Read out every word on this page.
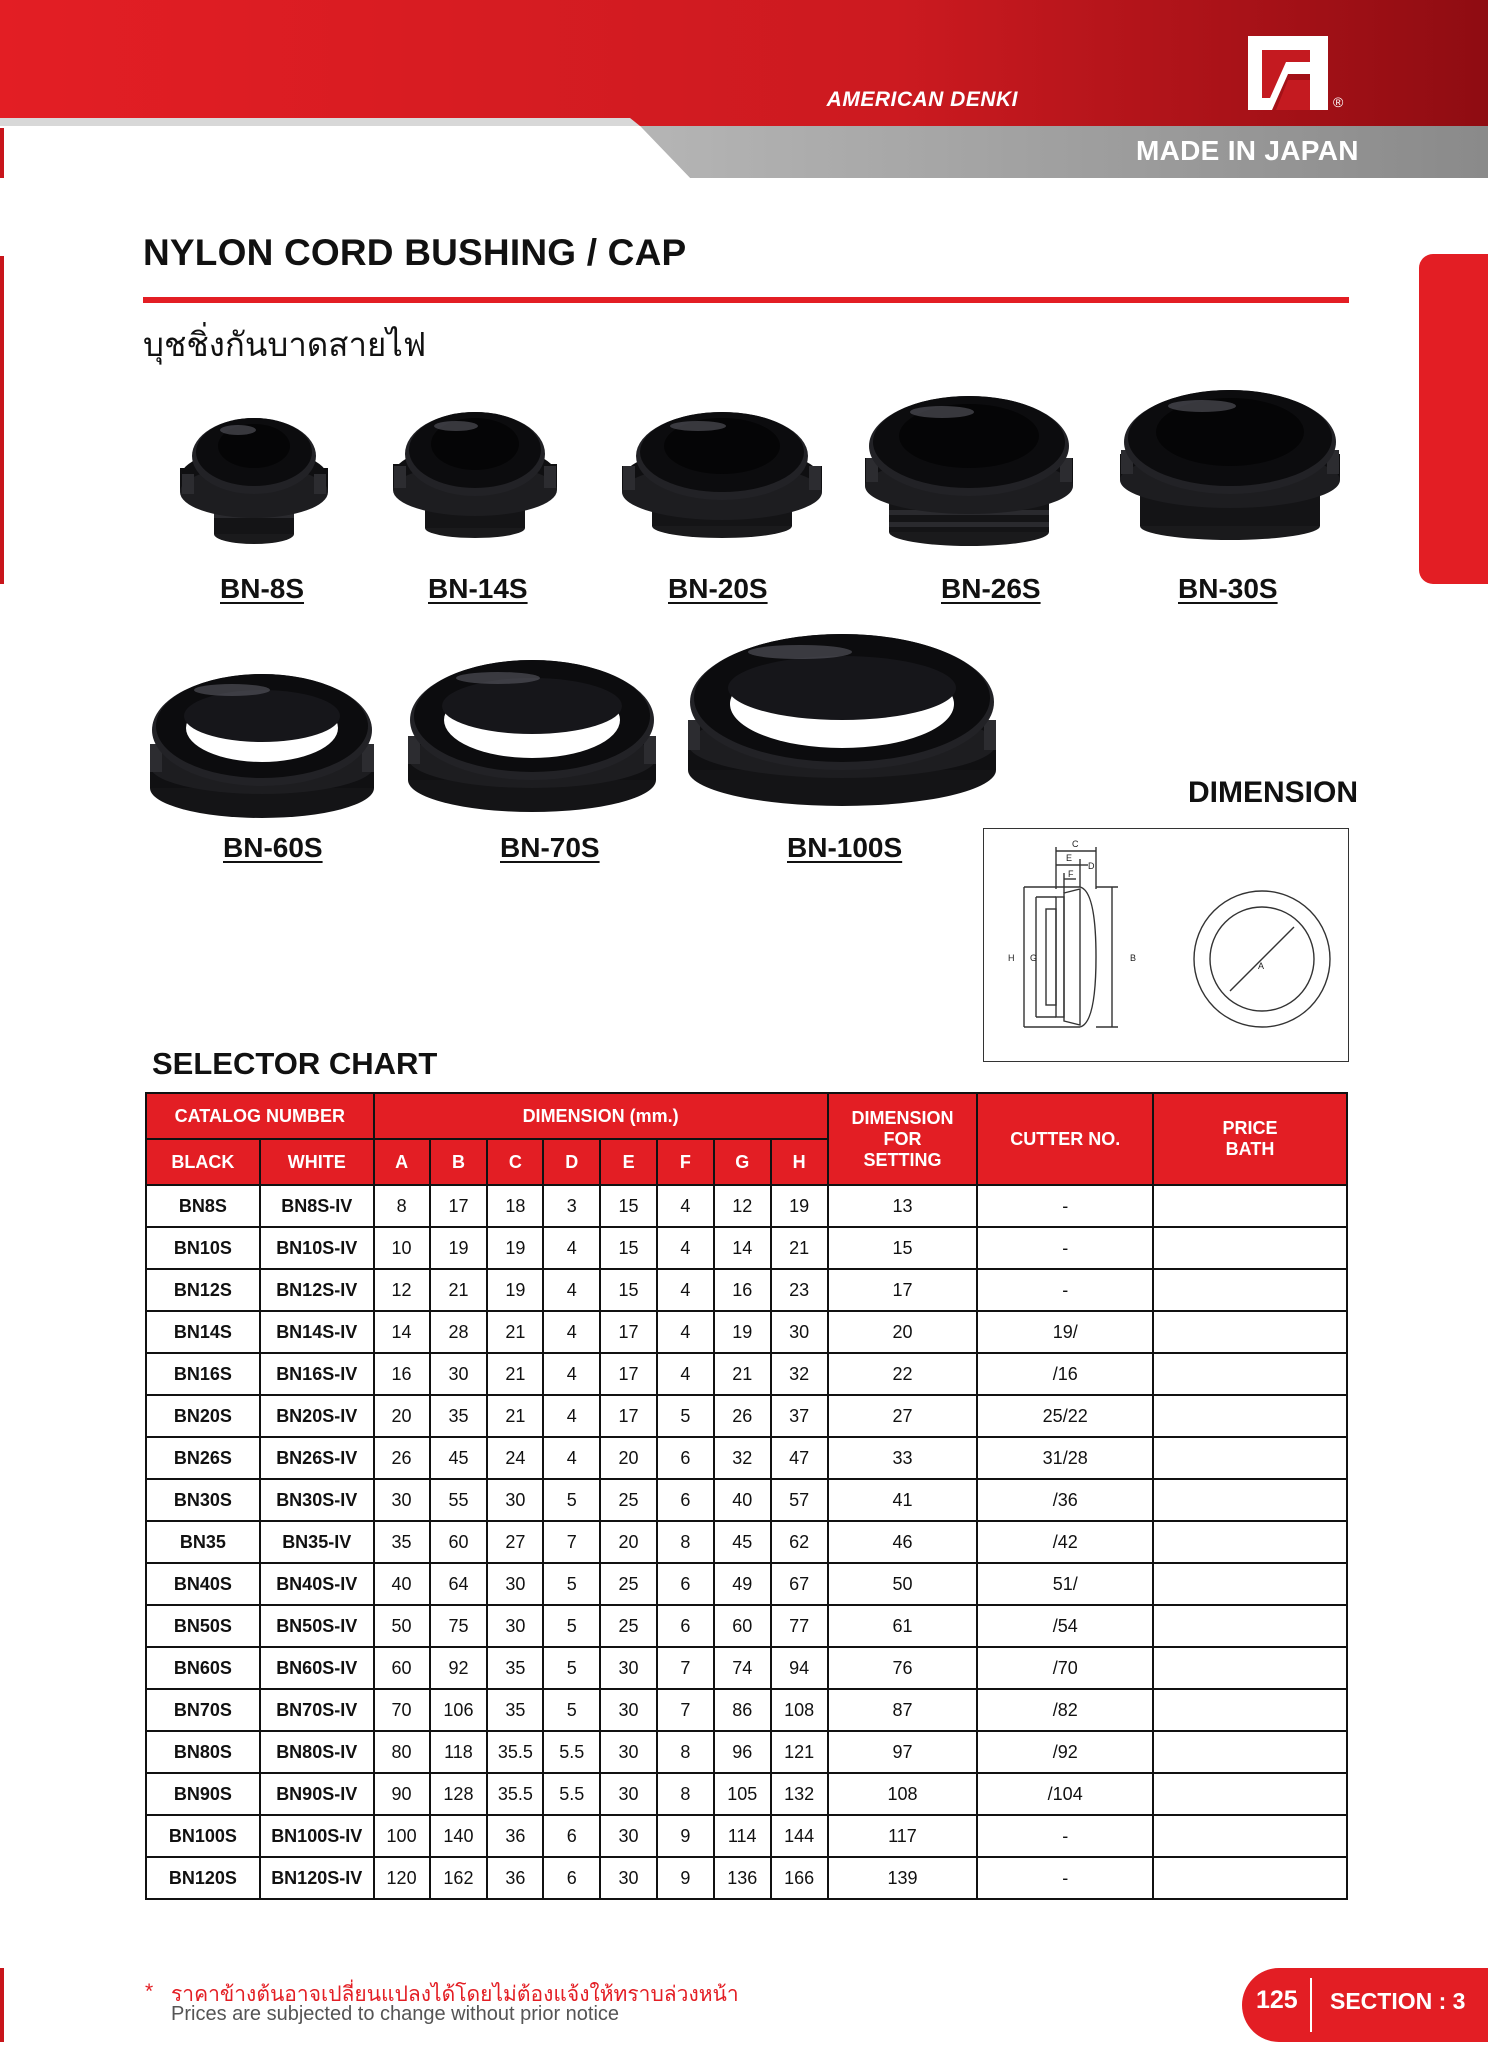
®
AMERICAN DENKI
MADE IN JAPAN
NYLON CORD BUSHING / CAP
บุชชิ่งกันบาดสายไฟ
BN-8S	BN-14S	BN-20S	BN-26S	BN-30S
BN-60S	BN-70S	BN-100S
DIMENSION
C
E
D
F
H G	B
A
SELECTOR CHART
CATALOG NUMBER		DIMENSION (mm.)								DIMENSION FOR SETTING	CUTTER NO.	PRICE BATH
BLACK	WHITE	A	B	C	D	E	F	G	H			
BN8S	BN8S-IV	8	17	18	3	15	4	12	19	13	-	
BN10S	BN10S-IV	10	19	19	4	15	4	14	21	15	-	
BN12S	BN12S-IV	12	21	19	4	15	4	16	23	17	-	
BN14S	BN14S-IV	14	28	21	4	17	4	19	30	20	19/	
BN16S	BN16S-IV	16	30	21	4	17	4	21	32	22	/16	
BN20S	BN20S-IV	20	35	21	4	17	5	26	37	27	25/22	
BN26S	BN26S-IV	26	45	24	4	20	6	32	47	33	31/28	
BN30S	BN30S-IV	30	55	30	5	25	6	40	57	41	/36	
BN35	BN35-IV	35	60	27	7	20	8	45	62	46	/42	
BN40S	BN40S-IV	40	64	30	5	25	6	49	67	50	51/	
BN50S	BN50S-IV	50	75	30	5	25	6	60	77	61	/54	
BN60S	BN60S-IV	60	92	35	5	30	7	74	94	76	/70	
BN70S	BN70S-IV	70	106	35	5	30	7	86	108	87	/82	
BN80S	BN80S-IV	80	118	35.5	5.5	30	8	96	121	97	/92	
BN90S	BN90S-IV	90	128	35.5	5.5	30	8	105	132	108	/104	
BN100S	BN100S-IV	100	140	36	6	30	9	114	144	117	-	
BN120S	BN120S-IV	120	162	36	6	30	9	136	166	139	-	
* ราคาข้างต้นอาจเปลี่ยนแปลงได้โดยไม่ต้องแจ้งให้ทราบล่วงหน้า
Prices are subjected to change without prior notice	125 SECTION : 3
